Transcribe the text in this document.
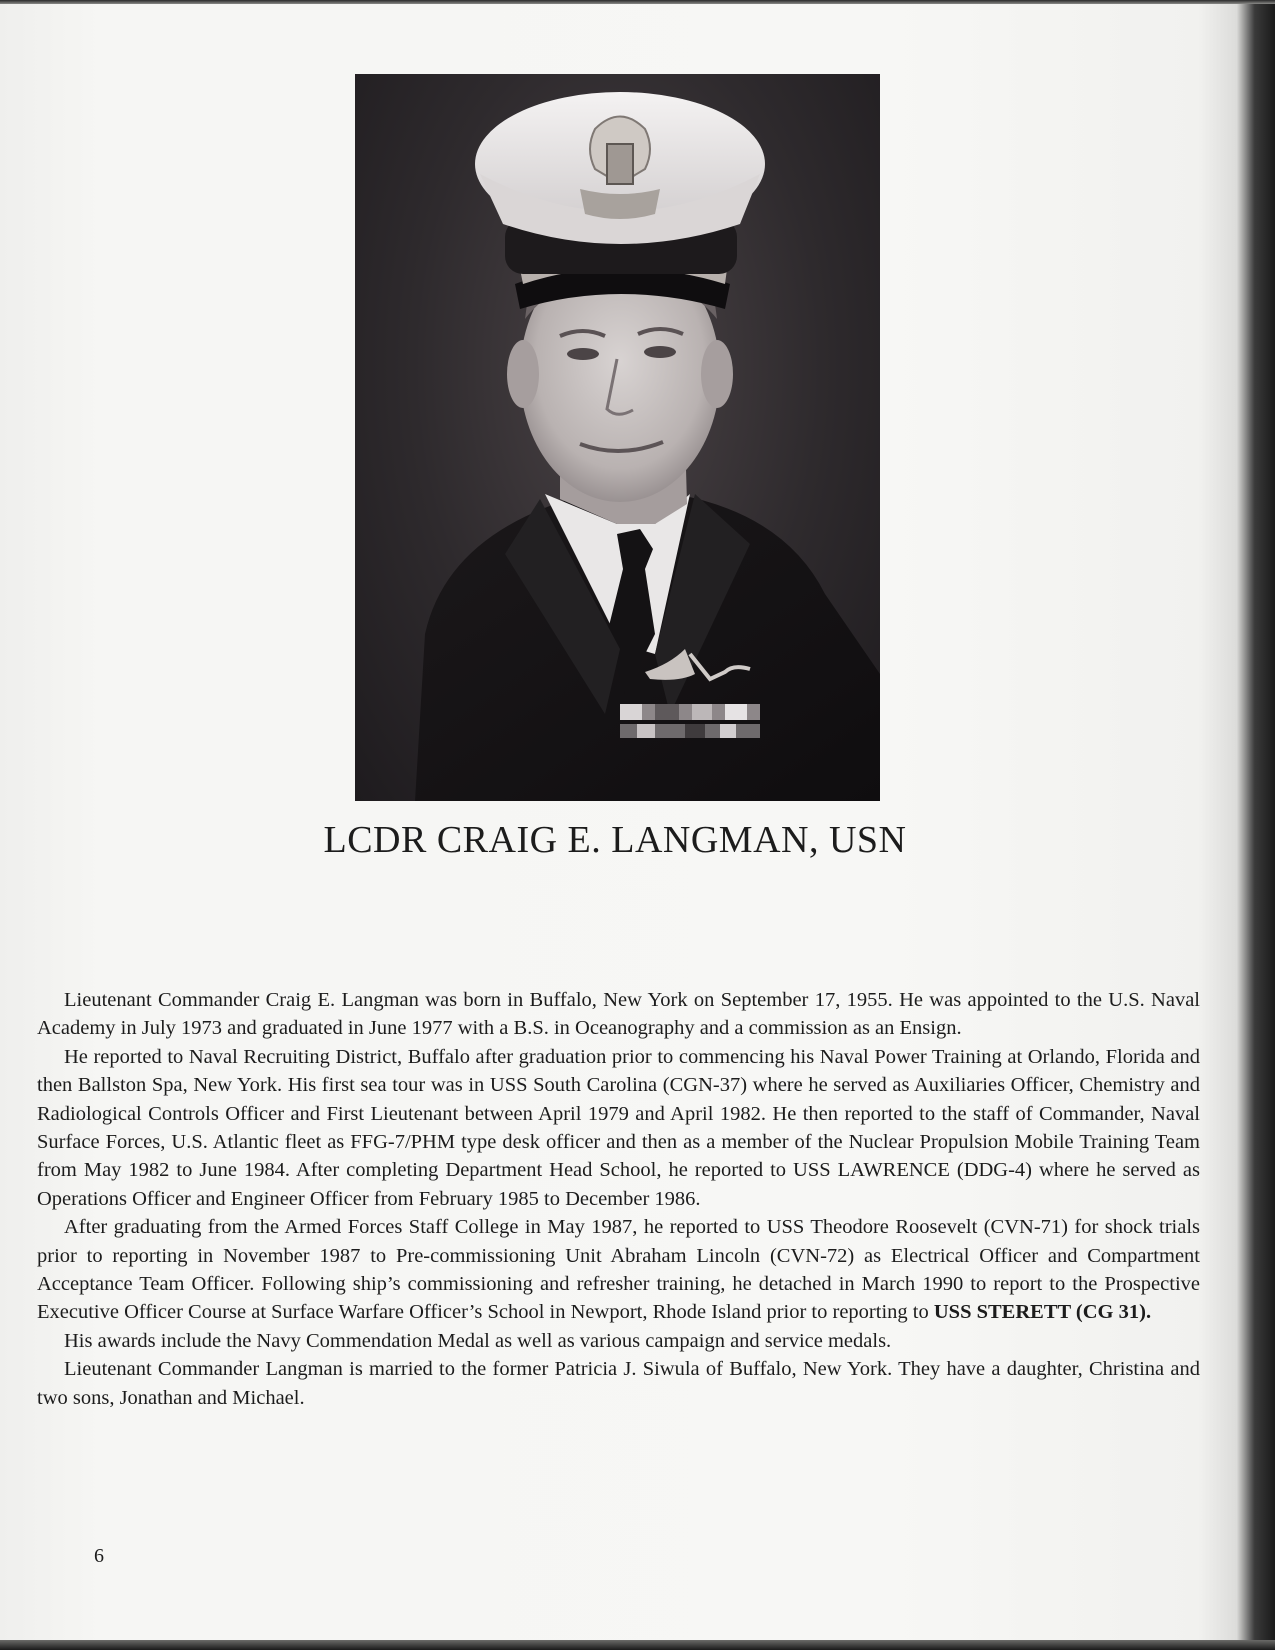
LCDR CRAIG E. LANGMAN, USN

Lieutenant Commander Craig E. Langman was born in Buffalo, New York on September 17, 1955. He was appointed to the U.S. Naval Academy in July 1973 and graduated in June 1977 with a B.S. in Oceanography and a commission as an Ensign.

He reported to Naval Recruiting District, Buffalo after graduation prior to commencing his Naval Power Training at Orlando, Florida and then Ballston Spa, New York. His first sea tour was in USS South Carolina (CGN-37) where he served as Auxiliaries Officer, Chemistry and Radiological Controls Officer and First Lieutenant between April 1979 and April 1982. He then reported to the staff of Commander, Naval Surface Forces, U.S. Atlantic fleet as FFG-7/PHM type desk officer and then as a member of the Nuclear Propulsion Mobile Training Team from May 1982 to June 1984. After completing Department Head School, he reported to USS LAWRENCE (DDG-4) where he served as Operations Officer and Engineer Officer from February 1985 to December 1986.

After graduating from the Armed Forces Staff College in May 1987, he reported to USS Theodore Roosevelt (CVN-71) for shock trials prior to reporting in November 1987 to Pre-commissioning Unit Abraham Lincoln (CVN-72) as Electrical Officer and Compartment Acceptance Team Officer. Following ship’s commissioning and refresher training, he detached in March 1990 to report to the Prospective Executive Officer Course at Surface Warfare Officer’s School in Newport, Rhode Island prior to reporting to USS STERETT (CG 31).

His awards include the Navy Commendation Medal as well as various campaign and service medals.

Lieutenant Commander Langman is married to the former Patricia J. Siwula of Buffalo, New York. They have a daughter, Christina and two sons, Jonathan and Michael.

6
